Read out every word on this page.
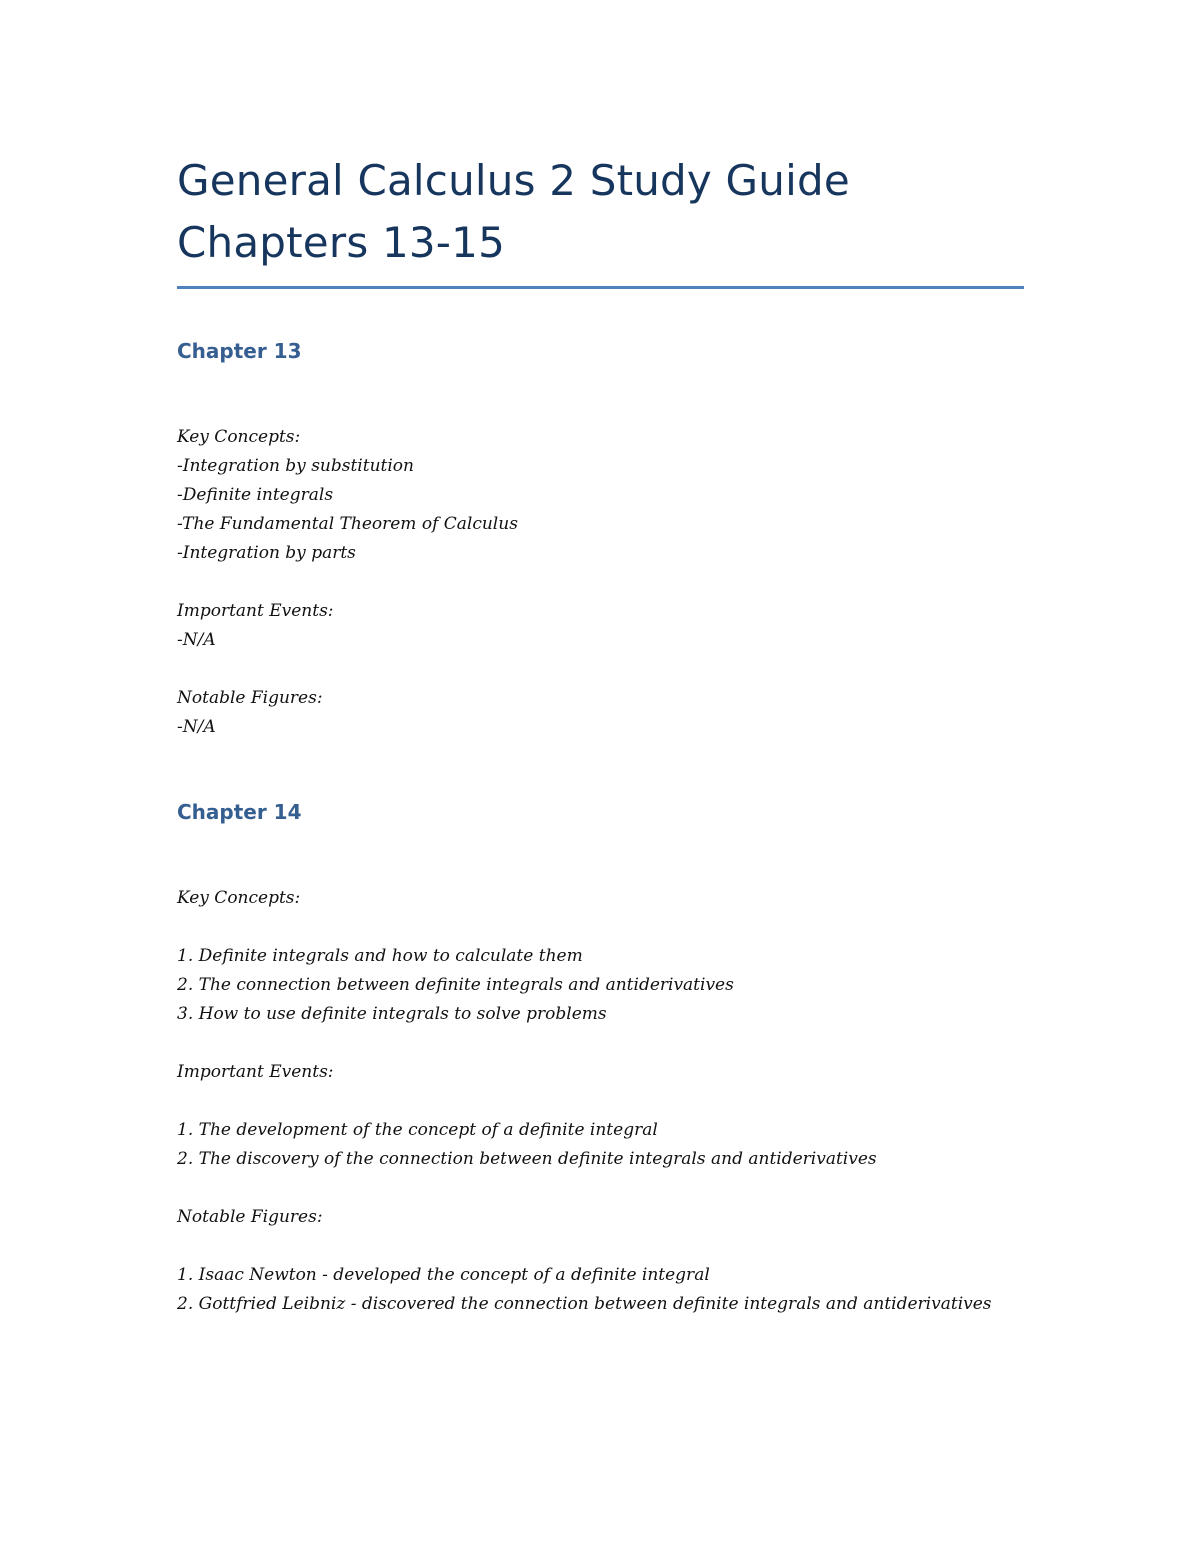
General Calculus 2 Study Guide
Chapters 13-15
Chapter 13
Key Concepts:
-Integration by substitution
-Definite integrals
-The Fundamental Theorem of Calculus
-Integration by parts
Important Events:
-N/A
Notable Figures:
-N/A
Chapter 14
Key Concepts:
1. Definite integrals and how to calculate them
2. The connection between definite integrals and antiderivatives
3. How to use definite integrals to solve problems
Important Events:
1. The development of the concept of a definite integral
2. The discovery of the connection between definite integrals and antiderivatives
Notable Figures:
1. Isaac Newton - developed the concept of a definite integral
2. Gottfried Leibniz - discovered the connection between definite integrals and antiderivatives
